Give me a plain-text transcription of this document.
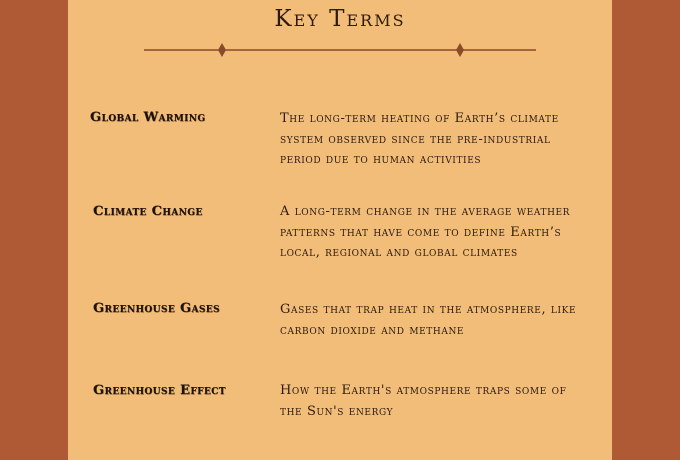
Key Terms
Global Warming	The long-term heating of Earth’s climate system observed since the pre-industrial period due to human activities
Climate Change	A long-term change in the average weather patterns that have come to define Earth’s local, regional and global climates
Greenhouse Gases	Gases that trap heat in the atmosphere, like carbon dioxide and methane
Greenhouse Effect	How the Earth's atmosphere traps some of the Sun's energy
